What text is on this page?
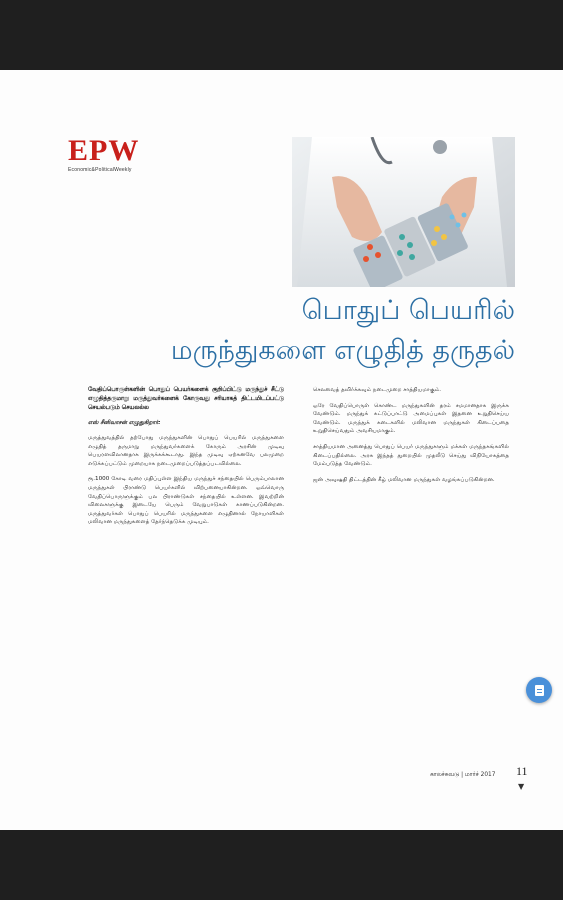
EPW
Economic&PoliticalWeekly
பொதுப் பெயரில்
மருந்துகளை எழுதித் தருதல்

வேதிப்பொருள்களின் பொதுப் பெயர்களைக் குறிப்பிட்டு மருந்துச் சீட்டு எழுதித்தருமாறு மருத்துவர்களைக் கோருவது சரியாகத் திட்டமிடப்பட்டு செயல்படும் செயலல்ல

எஸ் சீனிவாசன் எழுதுகிறார்:

மருத்துவத்தில் தற்போது மருந்துகளின் பொதுப் பெயரில் மருந்துகளை எழுதித் தருமாறு மருந்துவர்களைக் கோரும் அரசின் முடிவு பெயரளவிலானதாக இருக்கக்கூடாது. இந்த முடிவு ஏற்கனவே பலமுறை எடுக்கப்பட்டும் முறையாக நடைமுறைப்படுத்தப்படவில்லை.

ரூ.1000 கோடி வரை மதிப்புள்ள இந்திய மருந்துச் சந்தையில் பெரும்பாலான மருந்துகள் பிராண்டு பெயர்களில் விற்பனையாகின்றன. ஒவ்வொரு வேதிப்பொருளுக்கும் பல பிராண்டுகள் சந்தையில் உள்ளன. இவற்றின் விலைகளுக்கு இடையே பெரும் வேறுபாடுகள் காணப்படுகின்றன. மருத்துவர்கள் பொதுப் பெயரில் மருந்துகளை எழுதினால் நோயாளிகள் மலிவான மருந்துகளைத் தேர்ந்தெடுக்க முடியும்.

செலவைத் தவிர்க்கவும் நடைமுறை சாத்தியமாகும்.

ஒரே வேதிப்பொருள் கொண்ட மருந்துகளின் தரம் சமமானதாக இருக்க வேண்டும். மருந்துக் கட்டுப்பாட்டு அமைப்புகள் இதனை உறுதிசெய்ய வேண்டும். மருந்துக் கடைகளில் மலிவான மருந்துகள் கிடைப்பதை உறுதிசெய்வதும் அவசியமாகும்.

சாத்தியமான அனைத்து பொதுப் பெயர் மருந்துகளும் மக்கள் மருந்தகங்களில் கிடைப்பதில்லை. அரசு இந்தத் துறையில் முதலீடு செய்து விநியோகத்தை மேம்படுத்த வேண்டும்.

ஜன் அவுஷதி திட்டத்தின் கீழ் மலிவான மருந்துகள் வழங்கப்படுகின்றன.

காலச்சுவடு | மார்ச் 2017 11
▼
